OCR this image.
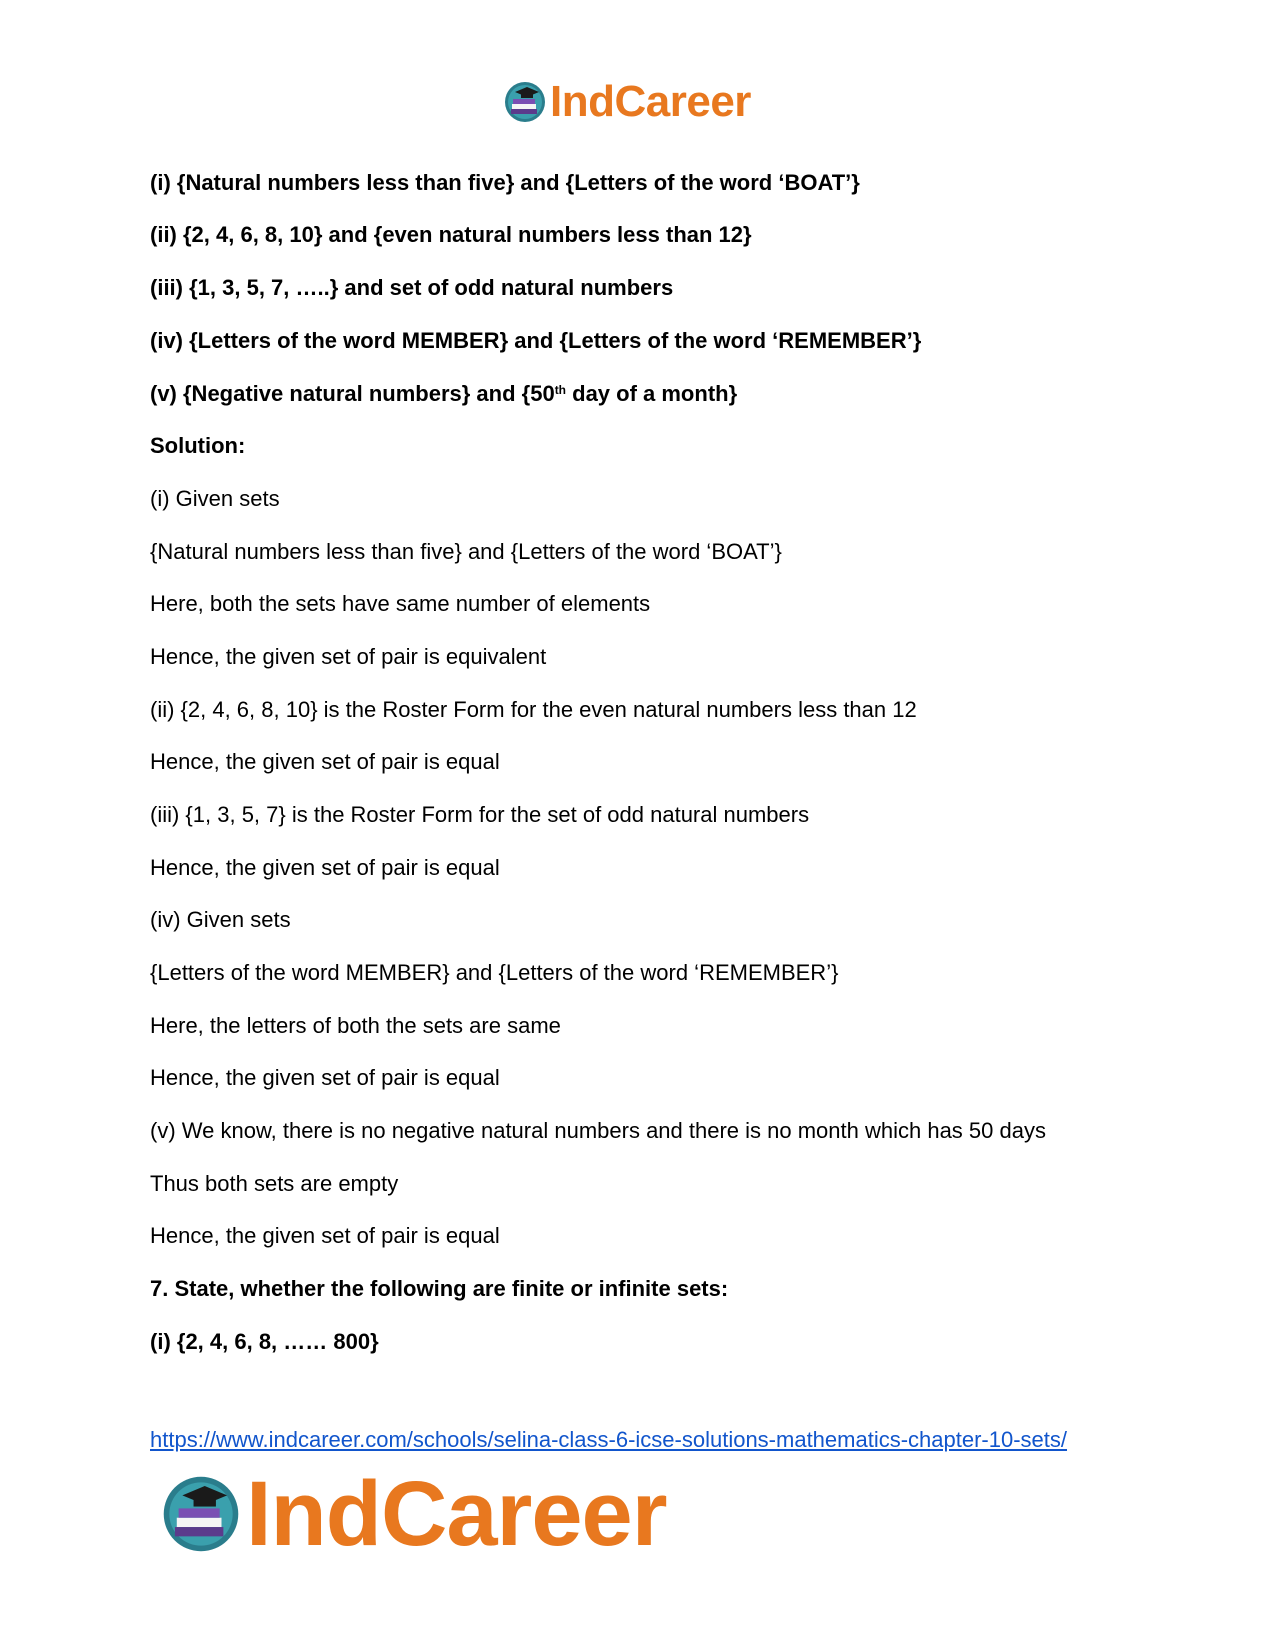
IndCareer
(i) {Natural numbers less than five} and {Letters of the word ‘BOAT’}
(ii) {2, 4, 6, 8, 10} and {even natural numbers less than 12}
(iii) {1, 3, 5, 7, …..} and set of odd natural numbers
(iv) {Letters of the word MEMBER} and {Letters of the word ‘REMEMBER’}
(v) {Negative natural numbers} and {50th day of a month}
Solution:
(i) Given sets
{Natural numbers less than five} and {Letters of the word ‘BOAT’}
Here, both the sets have same number of elements
Hence, the given set of pair is equivalent
(ii) {2, 4, 6, 8, 10} is the Roster Form for the even natural numbers less than 12
Hence, the given set of pair is equal
(iii) {1, 3, 5, 7} is the Roster Form for the set of odd natural numbers
Hence, the given set of pair is equal
(iv) Given sets
{Letters of the word MEMBER} and {Letters of the word ‘REMEMBER’}
Here, the letters of both the sets are same
Hence, the given set of pair is equal
(v) We know, there is no negative natural numbers and there is no month which has 50 days
Thus both sets are empty
Hence, the given set of pair is equal
7. State, whether the following are finite or infinite sets:
(i) {2, 4, 6, 8, …… 800}
https://www.indcareer.com/schools/selina-class-6-icse-solutions-mathematics-chapter-10-sets/
IndCareer
